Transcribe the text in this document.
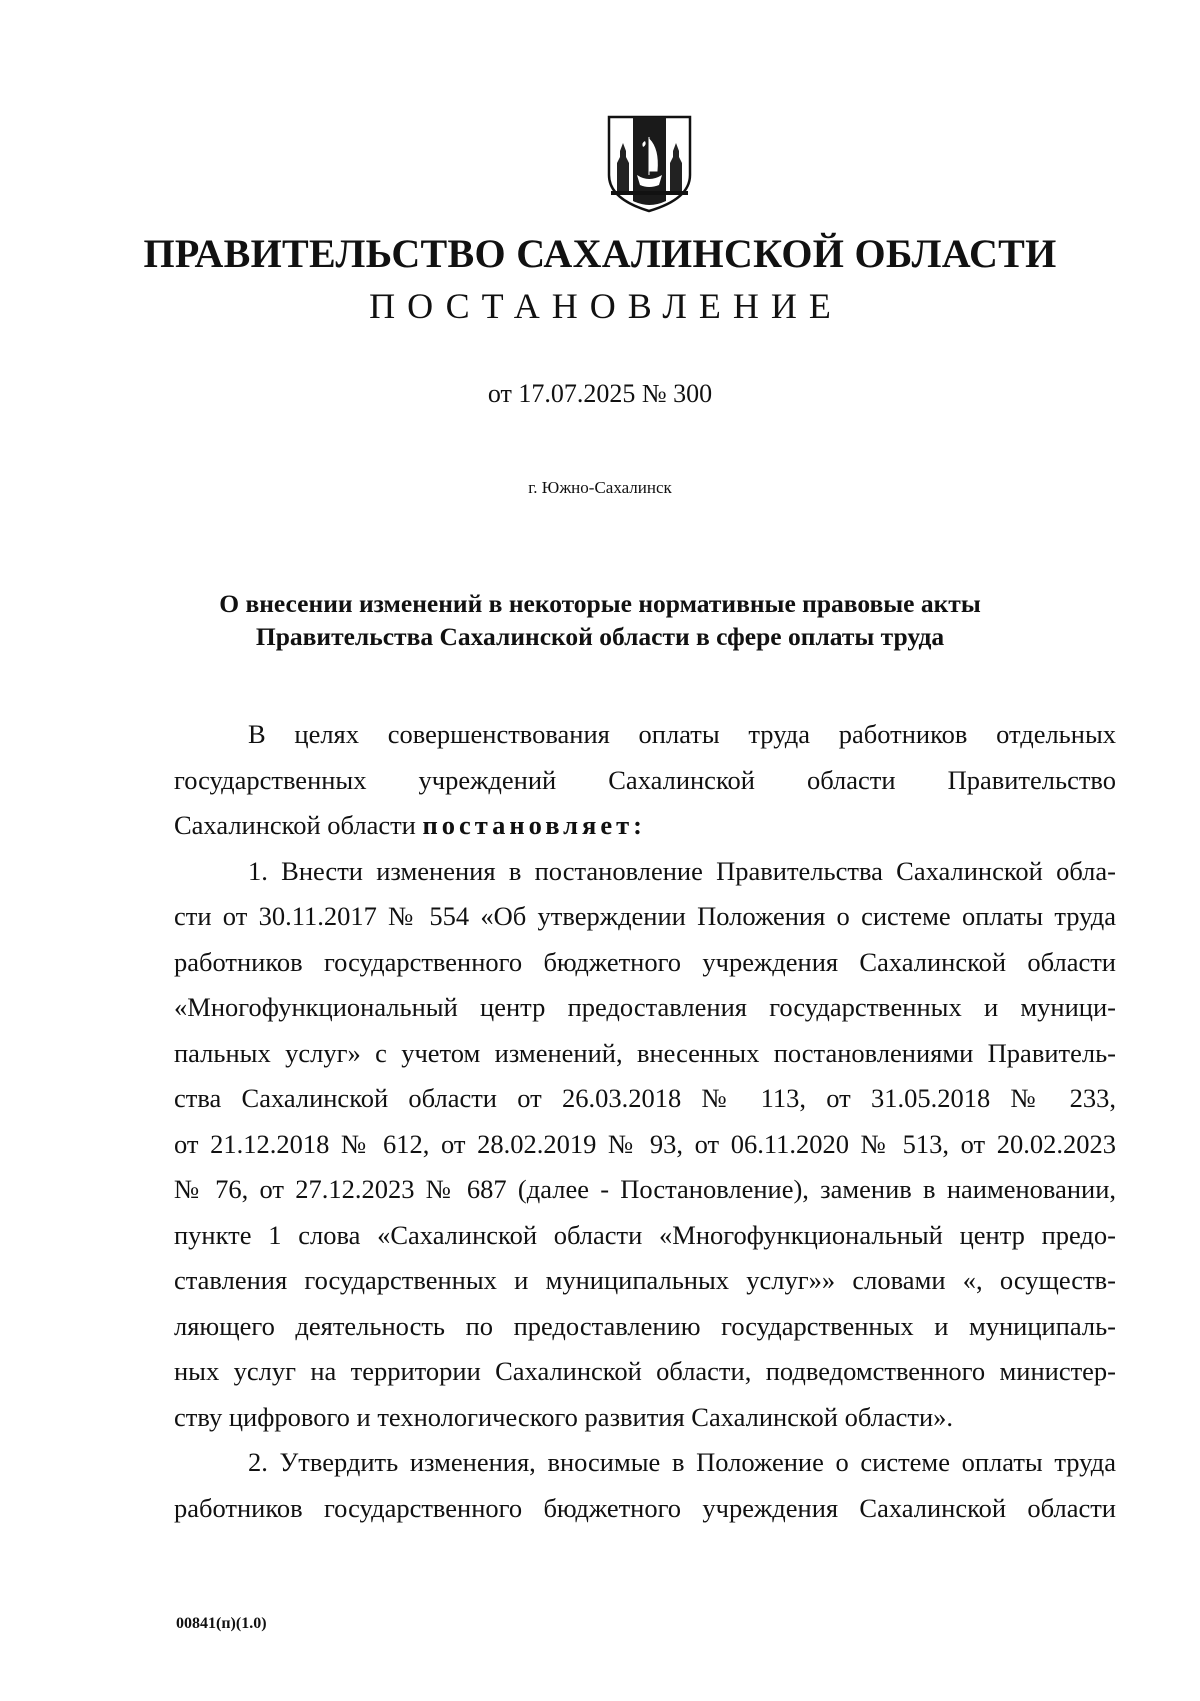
ПРАВИТЕЛЬСТВО САХАЛИНСКОЙ ОБЛАСТИ
ПОСТАНОВЛЕНИЕ
от 17.07.2025 № 300
г. Южно-Сахалинск
О внесении изменений в некоторые нормативные правовые акты
Правительства Сахалинской области в сфере оплаты труда
В целях совершенствования оплаты труда работников отдельных
государственных учреждений Сахалинской области Правительство
Сахалинской области постановляет:
1. Внести изменения в постановление Правительства Сахалинской обла-
сти от 30.11.2017 № 554 «Об утверждении Положения о системе оплаты труда
работников государственного бюджетного учреждения Сахалинской области
«Многофункциональный центр предоставления государственных и муници-
пальных услуг» с учетом изменений, внесенных постановлениями Правитель-
ства Сахалинской области от 26.03.2018 № 113, от 31.05.2018 № 233,
от 21.12.2018 № 612, от 28.02.2019 № 93, от 06.11.2020 № 513, от 20.02.2023
№ 76, от 27.12.2023 № 687 (далее - Постановление), заменив в наименовании,
пункте 1 слова «Сахалинской области «Многофункциональный центр предо-
ставления государственных и муниципальных услуг»» словами «, осуществ-
ляющего деятельность по предоставлению государственных и муниципаль-
ных услуг на территории Сахалинской области, подведомственного министер-
ству цифрового и технологического развития Сахалинской области».
2. Утвердить изменения, вносимые в Положение о системе оплаты труда
работников государственного бюджетного учреждения Сахалинской области
00841(п)(1.0)
